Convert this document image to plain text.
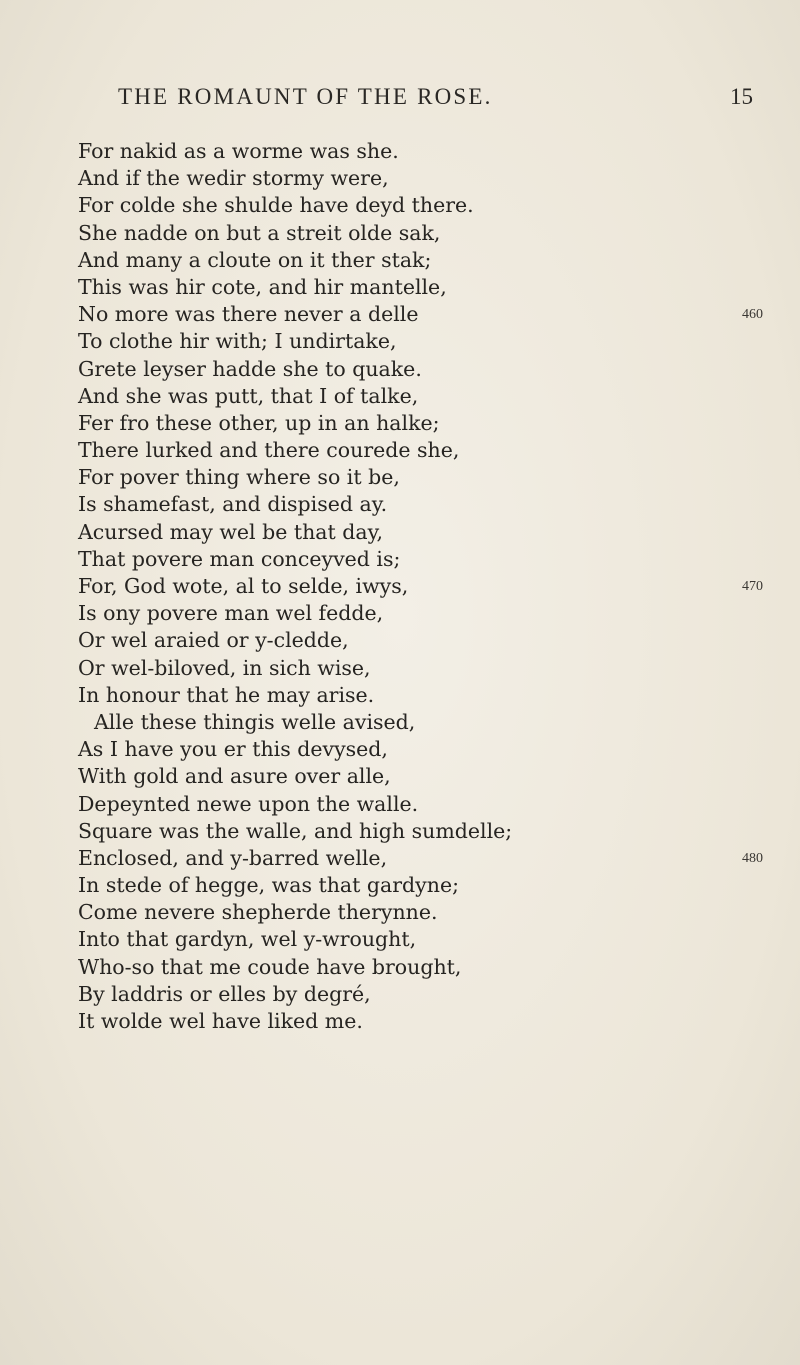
THE ROMAUNT OF THE ROSE.	15
For nakid as a worme was she.
And if the wedir stormy were,
For colde she shulde have deyd there.
She nadde on but a streit olde sak,
And many a cloute on it ther stak;
This was hir cote, and hir mantelle,
No more was there never a delle	460
To clothe hir with; I undirtake,
Grete leyser hadde she to quake.
And she was putt, that I of talke,
Fer fro these other, up in an halke;
There lurked and there courede she,
For pover thing where so it be,
Is shamefast, and dispised ay.
Acursed may wel be that day,
That povere man conceyved is;
For, God wote, al to selde, iwys,	470
Is ony povere man wel fedde,
Or wel araied or y-cledde,
Or wel-biloved, in sich wise,
In honour that he may arise.
Alle these thingis welle avised,
As I have you er this devysed,
With gold and asure over alle,
Depeynted newe upon the walle.
Square was the walle, and high sumdelle;
Enclosed, and y-barred welle,	480
In stede of hegge, was that gardyne;
Come nevere shepherde therynne.
Into that gardyn, wel y-wrought,
Who-so that me coude have brought,
By laddris or elles by degré,
It wolde wel have liked me.
